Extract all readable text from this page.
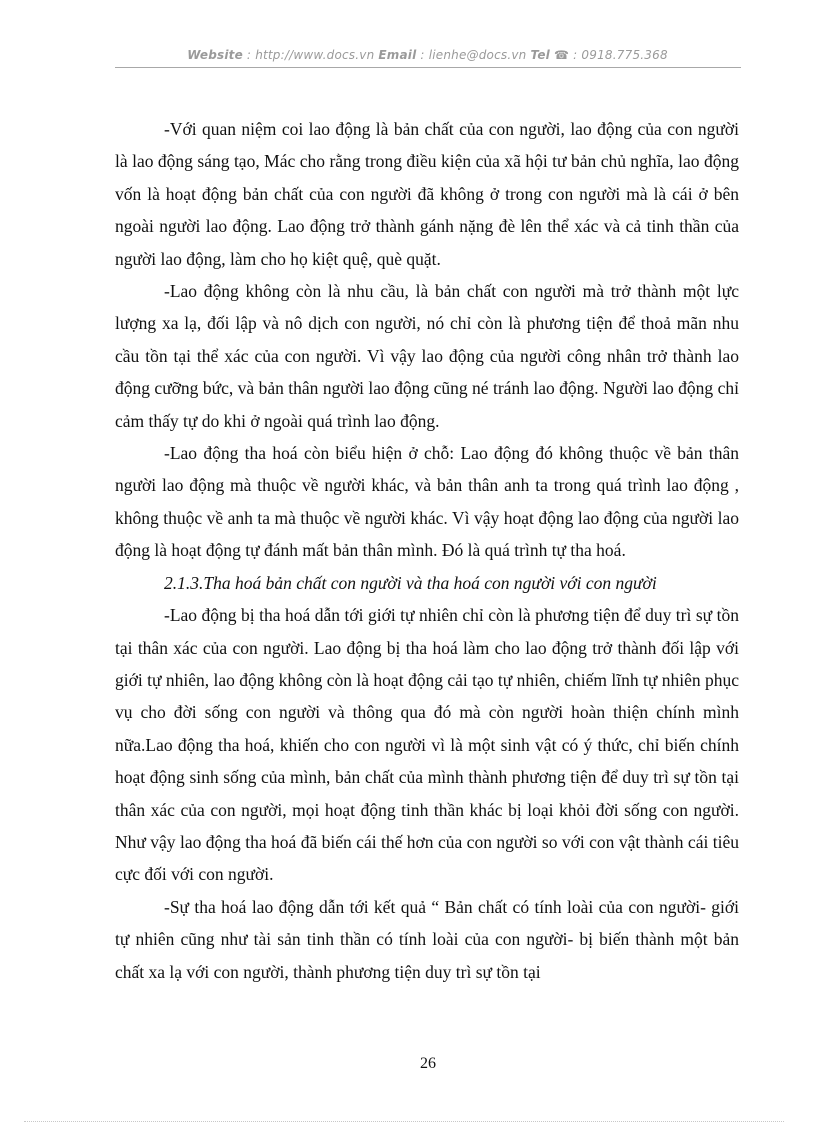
Website : http://www.docs.vn Email : lienhe@docs.vn Tel ☎ : 0918.775.368

-Với quan niệm coi lao động là bản chất của con người, lao động của con người là lao động sáng tạo, Mác cho rằng trong điều kiện của xã hội tư bản chủ nghĩa, lao động vốn là hoạt động bản chất của con người đã không ở trong con người mà là cái ở bên ngoài người lao động. Lao động trở thành gánh nặng đè lên thể xác và cả tinh thần của người lao động, làm cho họ kiệt quệ, què quặt.

-Lao động không còn là nhu cầu, là bản chất con người mà trở thành một lực lượng xa lạ, đối lập và nô dịch con người, nó chỉ còn là phương tiện để thoả mãn nhu cầu tồn tại thể xác của con người. Vì vậy lao động của người công nhân trở thành lao động cưỡng bức, và bản thân người lao động cũng né tránh lao động. Người lao động chỉ cảm thấy tự do khi ở ngoài quá trình lao động.

-Lao động tha hoá còn biểu hiện ở chỗ: Lao động đó không thuộc về bản thân người lao động mà thuộc về người khác, và bản thân anh ta trong quá trình lao động , không thuộc về anh ta mà thuộc về người khác. Vì vậy hoạt động lao động của người lao động là hoạt động tự đánh mất bản thân mình. Đó là quá trình tự tha hoá.

2.1.3.Tha hoá bản chất con người và tha hoá con người với con người

-Lao động bị tha hoá dẫn tới giới tự nhiên chỉ còn là phương tiện để duy trì sự tồn tại thân xác của con người. Lao động bị tha hoá làm cho lao động trở thành đối lập với giới tự nhiên, lao động không còn là hoạt động cải tạo tự nhiên, chiếm lĩnh tự nhiên phục vụ cho đời sống con người và thông qua đó mà còn người hoàn thiện chính mình nữa.Lao động tha hoá, khiến cho con người vì là một sinh vật có ý thức, chỉ biến chính hoạt động sinh sống của mình, bản chất của mình thành phương tiện để duy trì sự tồn tại thân xác của con người, mọi hoạt động tinh thần khác bị loại khỏi đời sống con người. Như vậy lao động tha hoá đã biến cái thế hơn của con người so với con vật thành cái tiêu cực đối với con người.

-Sự tha hoá lao động dẫn tới kết quả “ Bản chất có tính loài của con người- giới tự nhiên cũng như tài sản tinh thần có tính loài của con người- bị biến thành một bản chất xa lạ với con người, thành phương tiện duy trì sự tồn tại

26
